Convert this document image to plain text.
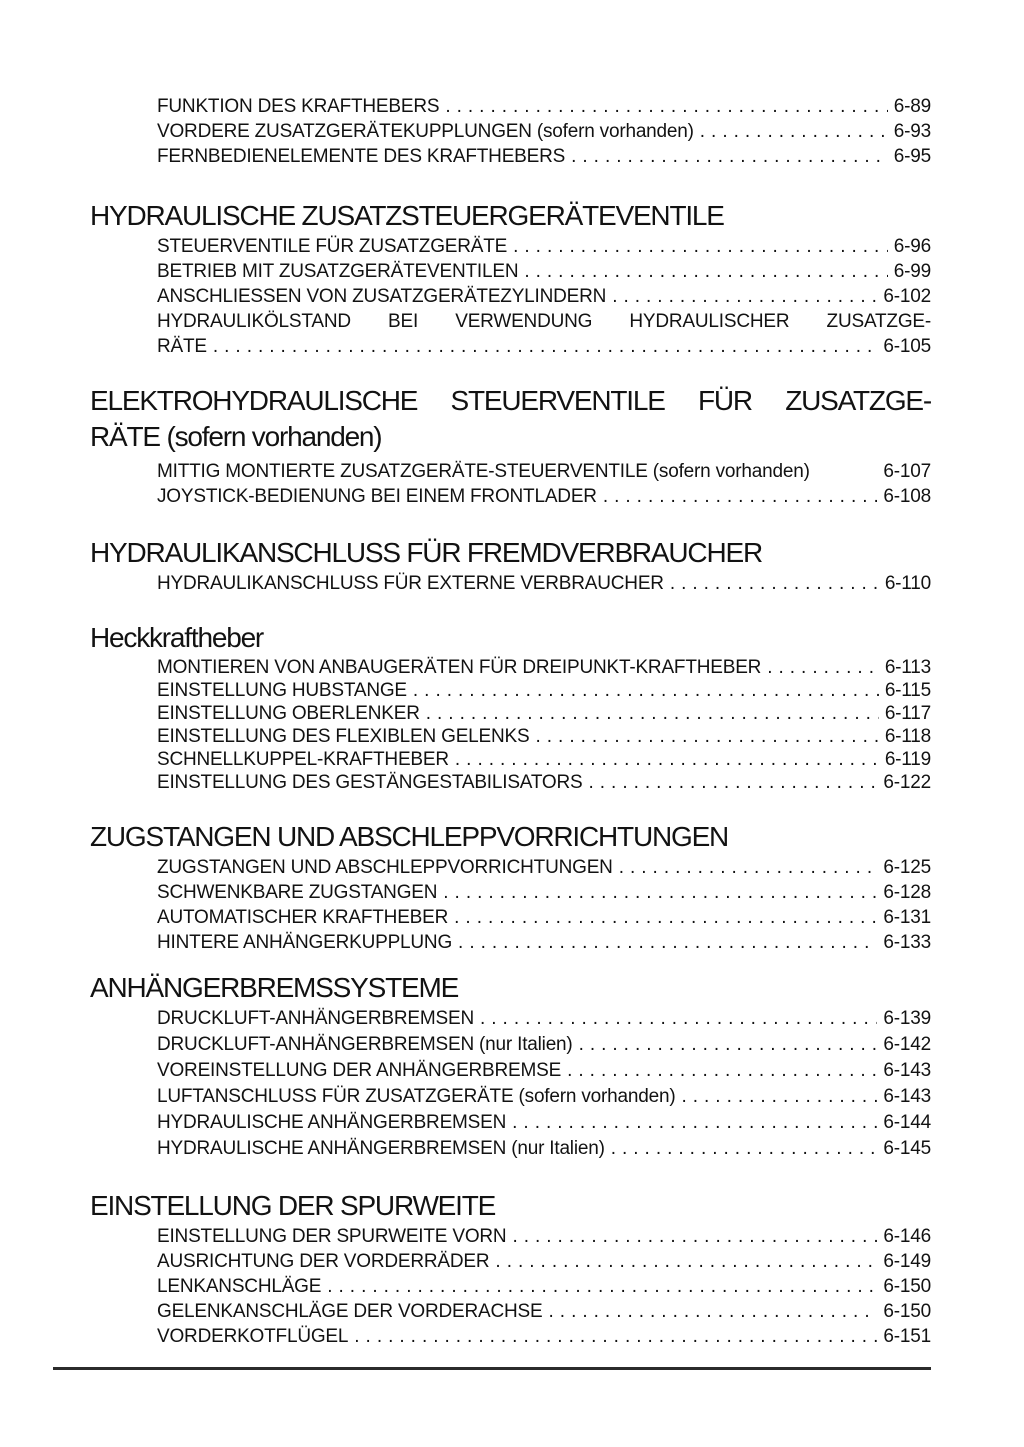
FUNKTION DES KRAFTHEBERS .....	6-89
VORDERE ZUSATZGERÄTEKUPPLUNGEN (sofern vorhanden) .....	6-93
FERNBEDIENELEMENTE DES KRAFTHEBERS .....	6-95
HYDRAULISCHE ZUSATZSTEUERGERÄTEVENTILE
STEUERVENTILE FÜR ZUSATZGERÄTE .....	6-96
BETRIEB MIT ZUSATZGERÄTEVENTILEN .....	6-99
ANSCHLIESSEN VON ZUSATZGERÄTEZYLINDERN .....	6-102
HYDRAULIKÖLSTAND BEI VERWENDUNG HYDRAULISCHER ZUSATZGE-
RÄTE .....	6-105
ELEKTROHYDRAULISCHE STEUERVENTILE FÜR ZUSATZGE-
RÄTE (sofern vorhanden)
MITTIG MONTIERTE ZUSATZGERÄTE-STEUERVENTILE (sofern vorhanden)	6-107
JOYSTICK-BEDIENUNG BEI EINEM FRONTLADER .....	6-108
HYDRAULIKANSCHLUSS FÜR FREMDVERBRAUCHER
HYDRAULIKANSCHLUSS FÜR EXTERNE VERBRAUCHER .....	6-110
Heckkraftheber
MONTIEREN VON ANBAUGERÄTEN FÜR DREIPUNKT-KRAFTHEBER .....	6-113
EINSTELLUNG HUBSTANGE .....	6-115
EINSTELLUNG OBERLENKER .....	6-117
EINSTELLUNG DES FLEXIBLEN GELENKS .....	6-118
SCHNELLKUPPEL-KRAFTHEBER .....	6-119
EINSTELLUNG DES GESTÄNGESTABILISATORS .....	6-122
ZUGSTANGEN UND ABSCHLEPPVORRICHTUNGEN
ZUGSTANGEN UND ABSCHLEPPVORRICHTUNGEN .....	6-125
SCHWENKBARE ZUGSTANGEN .....	6-128
AUTOMATISCHER KRAFTHEBER .....	6-131
HINTERE ANHÄNGERKUPPLUNG .....	6-133
ANHÄNGERBREMSSYSTEME
DRUCKLUFT-ANHÄNGERBREMSEN .....	6-139
DRUCKLUFT-ANHÄNGERBREMSEN (nur Italien) .....	6-142
VOREINSTELLUNG DER ANHÄNGERBREMSE .....	6-143
LUFTANSCHLUSS FÜR ZUSATZGERÄTE (sofern vorhanden) .....	6-143
HYDRAULISCHE ANHÄNGERBREMSEN .....	6-144
HYDRAULISCHE ANHÄNGERBREMSEN (nur Italien) .....	6-145
EINSTELLUNG DER SPURWEITE
EINSTELLUNG DER SPURWEITE VORN .....	6-146
AUSRICHTUNG DER VORDERRÄDER .....	6-149
LENKANSCHLÄGE .....	6-150
GELENKANSCHLÄGE DER VORDERACHSE .....	6-150
VORDERKOTFLÜGEL .....	6-151
